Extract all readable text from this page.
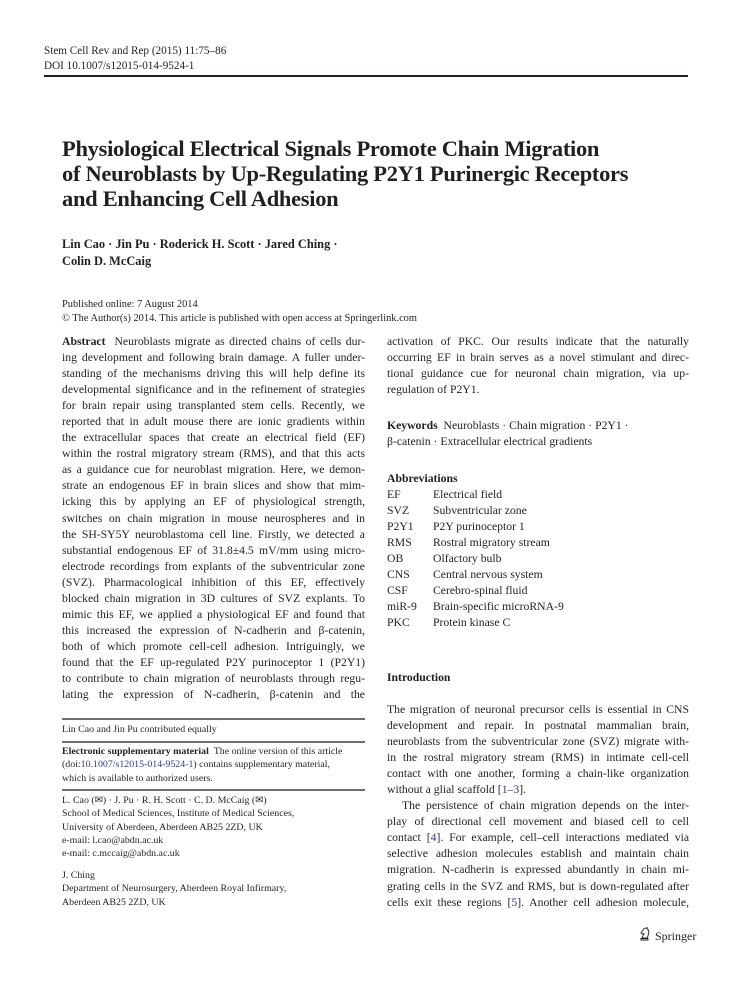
Stem Cell Rev and Rep (2015) 11:75–86
DOI 10.1007/s12015-014-9524-1
Physiological Electrical Signals Promote Chain Migration
of Neuroblasts by Up-Regulating P2Y1 Purinergic Receptors
and Enhancing Cell Adhesion
Lin Cao · Jin Pu · Roderick H. Scott · Jared Ching ·
Colin D. McCaig
Published online: 7 August 2014
© The Author(s) 2014. This article is published with open access at Springerlink.com
Abstract Neuroblasts migrate as directed chains of cells dur-
ing development and following brain damage. A fuller under-
standing of the mechanisms driving this will help define its
developmental significance and in the refinement of strategies
for brain repair using transplanted stem cells. Recently, we
reported that in adult mouse there are ionic gradients within
the extracellular spaces that create an electrical field (EF)
within the rostral migratory stream (RMS), and that this acts
as a guidance cue for neuroblast migration. Here, we demon-
strate an endogenous EF in brain slices and show that mim-
icking this by applying an EF of physiological strength,
switches on chain migration in mouse neurospheres and in
the SH-SY5Y neuroblastoma cell line. Firstly, we detected a
substantial endogenous EF of 31.8±4.5 mV/mm using micro-
electrode recordings from explants of the subventricular zone
(SVZ). Pharmacological inhibition of this EF, effectively
blocked chain migration in 3D cultures of SVZ explants. To
mimic this EF, we applied a physiological EF and found that
this increased the expression of N-cadherin and β-catenin,
both of which promote cell-cell adhesion. Intriguingly, we
found that the EF up-regulated P2Y purinoceptor 1 (P2Y1)
to contribute to chain migration of neuroblasts through regu-
lating the expression of N-cadherin, β-catenin and the
Lin Cao and Jin Pu contributed equally
Electronic supplementary material The online version of this article
(doi:10.1007/s12015-014-9524-1) contains supplementary material,
which is available to authorized users.
L. Cao (✉) · J. Pu · R. H. Scott · C. D. McCaig (✉)
School of Medical Sciences, Institute of Medical Sciences,
University of Aberdeen, Aberdeen AB25 2ZD, UK
e-mail: l.cao@abdn.ac.uk
e-mail: c.mccaig@abdn.ac.uk
J. Ching
Department of Neurosurgery, Aberdeen Royal Infirmary,
Aberdeen AB25 2ZD, UK
activation of PKC. Our results indicate that the naturally
occurring EF in brain serves as a novel stimulant and direc-
tional guidance cue for neuronal chain migration, via up-
regulation of P2Y1.
Keywords Neuroblasts · Chain migration · P2Y1 ·
β-catenin · Extracellular electrical gradients
Abbreviations
EF	Electrical field
SVZ	Subventricular zone
P2Y1	P2Y purinoceptor 1
RMS	Rostral migratory stream
OB	Olfactory bulb
CNS	Central nervous system
CSF	Cerebro-spinal fluid
miR-9	Brain-specific microRNA-9
PKC	Protein kinase C
Introduction
The migration of neuronal precursor cells is essential in CNS
development and repair. In postnatal mammalian brain,
neuroblasts from the subventricular zone (SVZ) migrate with-
in the rostral migratory stream (RMS) in intimate cell-cell
contact with one another, forming a chain-like organization
without a glial scaffold [1–3].
The persistence of chain migration depends on the inter-
play of directional cell movement and biased cell to cell
contact [4]. For example, cell–cell interactions mediated via
selective adhesion molecules establish and maintain chain
migration. N-cadherin is expressed abundantly in chain mi-
grating cells in the SVZ and RMS, but is down-regulated after
cells exit these regions [5]. Another cell adhesion molecule,
Springer
